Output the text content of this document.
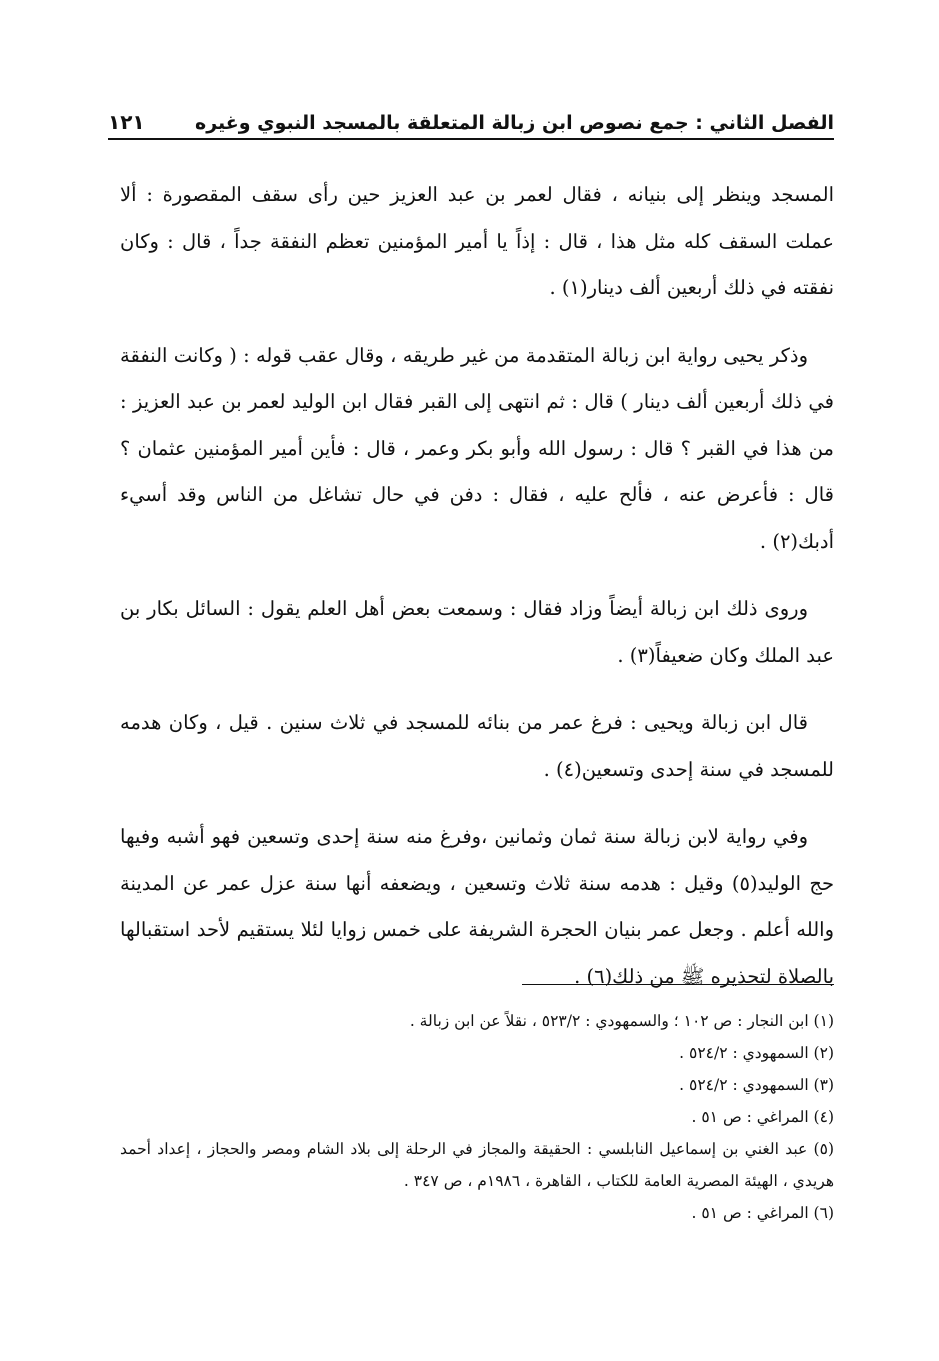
الفصل الثاني : جمع نصوص ابن زبالة المتعلقة بالمسجد النبوي وغيره
١٢١

المسجد وينظر إلى بنيانه ، فقال لعمر بن عبد العزيز حين رأى سقف المقصورة : ألا عملت السقف كله مثل هذا ، قال : إذاً يا أمير المؤمنين تعظم النفقة جداً ، قال : وكان نفقته في ذلك أربعين ألف دينار(١) .

وذكر يحيى رواية ابن زبالة المتقدمة من غير طريقه ، وقال عقب قوله : ( وكانت النفقة في ذلك أربعين ألف دينار ) قال : ثم انتهى إلى القبر فقال ابن الوليد لعمر بن عبد العزيز : من هذا في القبر ؟ قال : رسول الله وأبو بكر وعمر ، قال : فأين أمير المؤمنين عثمان ؟ قال : فأعرض عنه ، فألح عليه ، فقال : دفن في حال تشاغل من الناس وقد أسيء أدبك(٢) .

وروى ذلك ابن زبالة أيضاً وزاد فقال : وسمعت بعض أهل العلم يقول : السائل بكار بن عبد الملك وكان ضعيفاً(٣) .

قال ابن زبالة ويحيى : فرغ عمر من بنائه للمسجد في ثلاث سنين . قيل ، وكان هدمه للمسجد في سنة إحدى وتسعين(٤) .

وفي رواية لابن زبالة سنة ثمان وثمانين ،وفرغ منه سنة إحدى وتسعين فهو أشبه وفيها حج الوليد(٥) وقيل : هدمه سنة ثلاث وتسعين ، ويضعفه أنها سنة عزل عمر عن المدينة والله أعلم . وجعل عمر بنيان الحجرة الشريفة على خمس زوايا لئلا يستقيم لأحد استقبالها بالصلاة لتحذيره ﷺ من ذلك(٦) .

(١) ابن النجار : ص ١٠٢ ؛ والسمهودي : ٥٢٣/٢ ، نقلاً عن ابن زبالة .
(٢) السمهودي : ٥٢٤/٢ .
(٣) السمهودي : ٥٢٤/٢ .
(٤) المراغي : ص ٥١ .
(٥) عبد الغني بن إسماعيل النابلسي : الحقيقة والمجاز في الرحلة إلى بلاد الشام ومصر والحجاز ، إعداد أحمد هريدي ، الهيئة المصرية العامة للكتاب ، القاهرة ، ١٩٨٦م ، ص ٣٤٧ .
(٦) المراغي : ص ٥١ .
